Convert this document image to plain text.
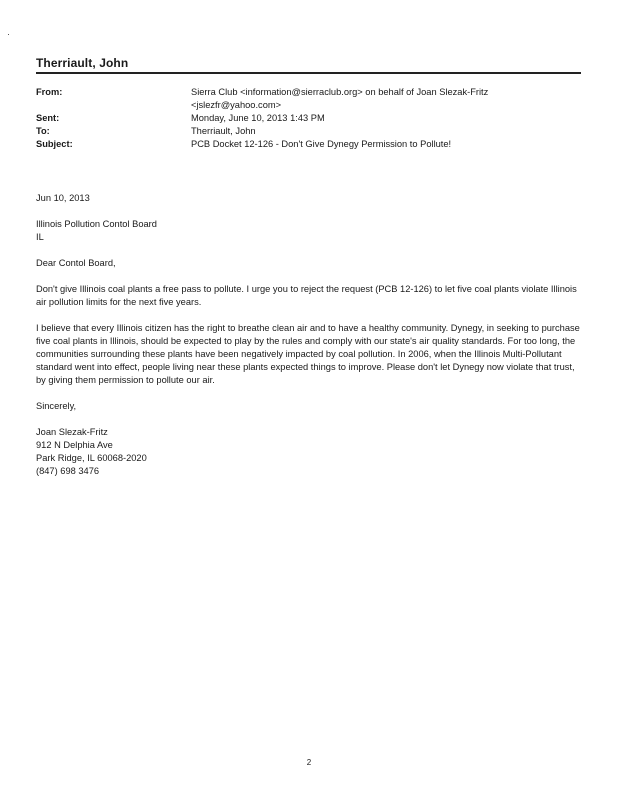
Therriault, John
From:	Sierra Club <information@sierraclub.org> on behalf of Joan Slezak-Fritz
<jslezfr@yahoo.com>
Sent:	Monday, June 10, 2013 1:43 PM
To:	Therriault, John
Subject:	PCB Docket 12-126 - Don't Give Dynegy Permission to Pollute!

Jun 10, 2013

Illinois Pollution Contol Board

IL

Dear Contol Board,

Don't give Illinois coal plants a free pass to pollute. I urge you to reject the request (PCB 12-126) to let five coal plants violate Illinois air pollution limits for the next five years.

I believe that every Illinois citizen has the right to breathe clean air and to have a healthy community. Dynegy, in seeking to purchase five coal plants in Illinois, should be expected to play by the rules and comply with our state's air quality standards. For too long, the communities surrounding these plants have been negatively impacted by coal pollution. In 2006, when the Illinois Multi-Pollutant standard went into effect, people living near these plants expected things to improve. Please don't let Dynegy now violate that trust, by giving them permission to pollute our air.

Sincerely,

Joan Slezak-Fritz

912 N Delphia Ave

Park Ridge, IL 60068-2020

(847) 698 3476

2
